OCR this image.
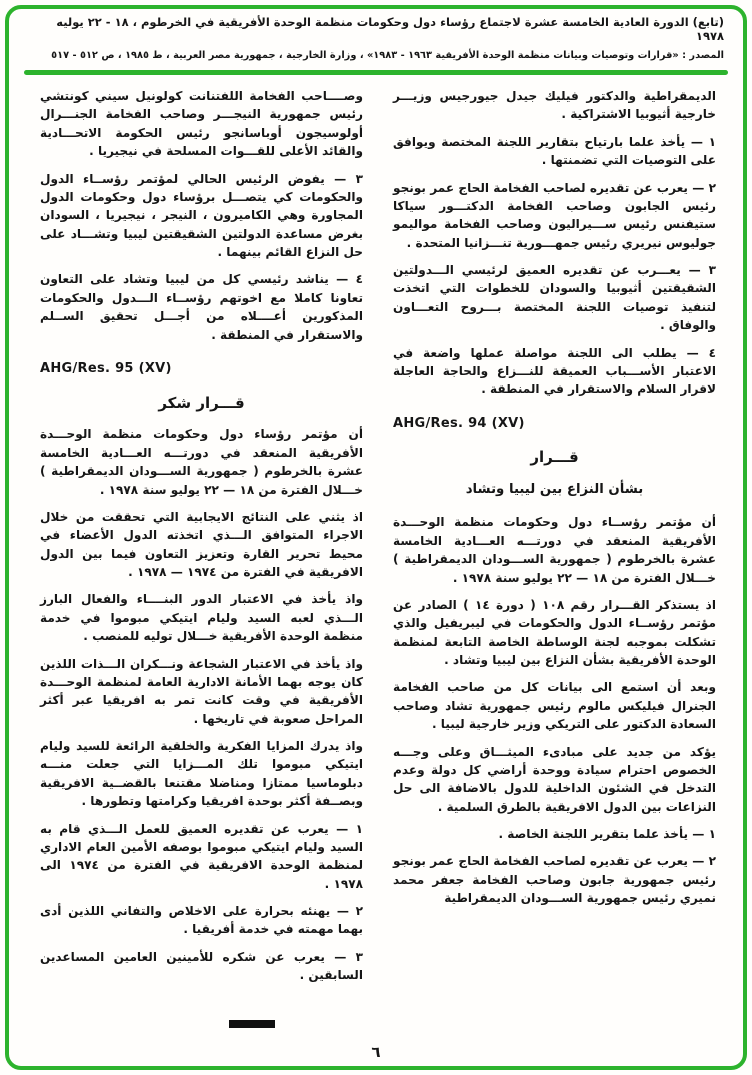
(تابع) الدورة العادية الخامسة عشرة لاجتماع رؤساء دول وحكومات منظمة الوحدة الأفريقية في الخرطوم ، ١٨ - ٢٢ يوليه ١٩٧٨
المصدر : «قرارات وتوصيات وبيانات منظمة الوحدة الأفريقية ١٩٦٣ - ١٩٨٣» ، وزارة الخارجية ، جمهورية مصر العربية ، ط ١٩٨٥ ، ص ٥١٢ - ٥١٧
الديمقراطية والدكتور فيليك جيدل جيورجيس وزيـــر خارجية أثيوبيا الاشتراكية .
١ — يأخذ علما بارتياح بتقارير اللجنة المختصة ويوافق على التوصيات التي تضمنتها .
٢ — يعرب عن تقديره لصاحب الفخامة الحاج عمر بونجو رئيس الجابون وصاحب الفخامة الدكتـــور سياكا ستيفنس رئيس ســـيراليون وصاحب الفخامة مواليمو جوليوس نيريري رئيس جمهـــورية تنـــزانيا المتحدة .
٣ — يعـــرب عن تقديره العميق لرئيسي الـــدولتين الشقيقتين أثيوبيا والسودان للخطوات التي اتخذت لتنفيذ توصيات اللجنة المختصة بـــروح التعـــاون والوفاق .
٤ — يطلب الى اللجنة مواصلة عملها واضعة في الاعتبار الأســـباب العميقة للنـــزاع والحاجة العاجلة لاقرار السلام والاستقرار في المنطقة .
AHG/Res. 94 (XV)
قـــرار
بشأن النزاع بين ليبيا وتشاد
أن مؤتمر رؤســاء دول وحكومات منظمة الوحـــدة الأفريقية المنعقد في دورتـــه العـــادية الخامسة عشرة بالخرطوم ( جمهورية الســـودان الديمقراطية ) خـــلال الفترة من ١٨ — ٢٢ يوليو سنة ١٩٧٨ .
اذ يستذكر القـــرار رقم ١٠٨ ( دورة ١٤ ) الصادر عن مؤتمر رؤســاء الدول والحكومات في ليبريفيل والذي تشكلت بموجبه لجنة الوساطة الخاصة التابعة لمنظمة الوحدة الأفريقية بشأن النزاع بين ليبيا وتشاد .
وبعد أن استمع الى بيانات كل من صاحب الفخامة الجنرال فيليكس مالوم رئيس جمهورية تشاد وصاحب السعادة الدكتور على التريكي وزير خارجية ليبيا .
يؤكد من جديد على مبادىء الميثـــاق وعلى وجـــه الخصوص احترام سيادة ووحدة أراضي كل دولة وعدم التدخل في الشئون الداخلية للدول بالاضافة الى حل النزاعات بين الدول الافريقية بالطرق السلمية .
١ — يأخذ علما بتقرير اللجنة الخاصة .
٢ — يعرب عن تقديره لصاحب الفخامة الحاج عمر بونجو رئيس جمهورية جابون وصاحب الفخامة جعفر محمد نميري رئيس جمهورية الســـودان الديمقراطية
وصــــاحب الفخامة اللفتنانت كولونيل سيني كونتشي رئيس جمهورية النيجـــر وصاحب الفخامة الجنـــرال أولوسيجون أوباسانجو رئيس الحكومة الاتحـــادية والقائد الأعلى للقـــوات المسلحة في نيجيريا .
٣ — يفوض الرئيس الحالي لمؤتمر رؤســاء الدول والحكومات كي يتصـــل برؤساء دول وحكومات الدول المجاورة وهي الكاميرون ، النيجر ، نيجيريا ، السودان بغرض مساعدة الدولتين الشقيقتين ليبيا وتشـــاد على حل النزاع القائم بينهما .
٤ — يناشد رئيسي كل من ليبيا وتشاد على التعاون تعاونا كاملا مع اخوتهم رؤســاء الـــدول والحكومات المذكورين أعــــلاه من أجـــل تحقيق الســلم والاستقرار في المنطقة .
AHG/Res. 95 (XV)
قـــرار شكر
أن مؤتمر رؤساء دول وحكومات منظمة الوحـــدة الأفريقية المنعقد في دورتـــه العـــادية الخامسة عشرة بالخرطوم ( جمهورية الســـودان الديمقراطية ) خـــلال الفترة من ١٨ — ٢٢ يوليو سنة ١٩٧٨ .
اذ يثني على النتائج الايجابية التي تحققت من خلال الاجراء المتوافق الـــذي اتخذته الدول الأعضاء في محيط تحرير القارة وتعزيز التعاون فيما بين الدول الافريقية في الفترة من ١٩٧٤ — ١٩٧٨ .
واذ يأخذ في الاعتبار الدور البنــــاء والفعال البارز الـــذي لعبه السيد وليام ايتيكي مبوموا في خدمة منظمة الوحدة الأفريقية خـــلال توليه للمنصب .
واذ يأخذ في الاعتبار الشجاعة ونـــكران الـــذات اللذين كان يوجه بهما الأمانة الادارية العامة لمنظمة الوحـــدة الأفريقية في وقت كانت تمر به افريقيا عبر أكثر المراحل صعوبة في تاريخها .
واذ يدرك المزايا الفكرية والخلقية الرائعة للسيد وليام ايتيكي مبوموا تلك المـــزايا التي جعلت منـــه دبلوماسيا ممتازا ومناضلا مقتنعا بالقضــية الافريقية وبصــفة أكثر بوحدة افريقيا وكرامتها وتطورها .
١ — يعرب عن تقديره العميق للعمل الـــذي قام به السيد وليام ايتيكي مبوموا بوصفه الأمين العام الاداري لمنظمة الوحدة الافريقية في الفترة من ١٩٧٤ الى ١٩٧٨ .
٢ — يهنئه بحرارة على الاخلاص والتفاني اللذين أدى بهما مهمته في خدمة أفريقيا .
٣ — يعرب عن شكره للأمينين العامين المساعدين السابقين .
٦
